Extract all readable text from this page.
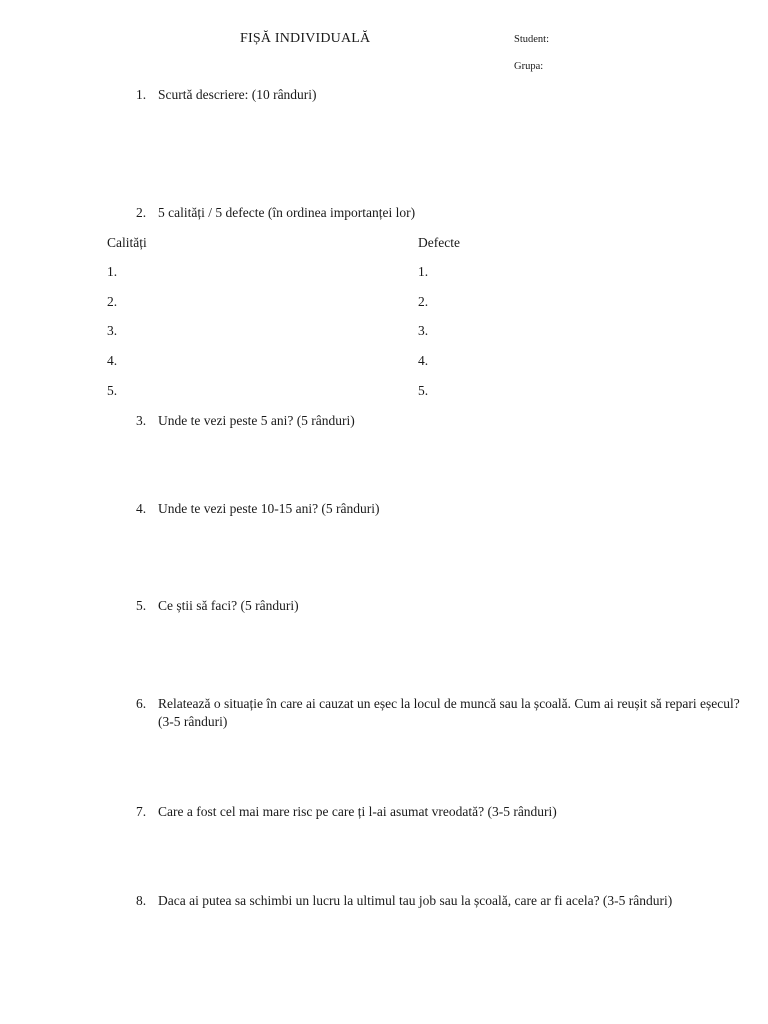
FIȘĂ INDIVIDUALĂ	Student:
Grupa:
1. Scurtă descriere: (10 rânduri)
2. 5 calități / 5 defecte (în ordinea importanței lor)
Calități	Defecte
1.
2.
3.
4.
5.
1.
2.
3.
4.
5.
3. Unde te vezi peste 5 ani? (5 rânduri)
4. Unde te vezi peste 10-15 ani? (5 rânduri)
5. Ce știi să faci? (5 rânduri)
6. Relatează o situație în care ai cauzat un eșec la locul de muncă sau la școală. Cum ai reușit să repari eșecul? (3-5 rânduri)
7. Care a fost cel mai mare risc pe care ți l-ai asumat vreodată? (3-5 rânduri)
8. Daca ai putea sa schimbi un lucru la ultimul tau job sau la școală, care ar fi acela? (3-5 rânduri)
